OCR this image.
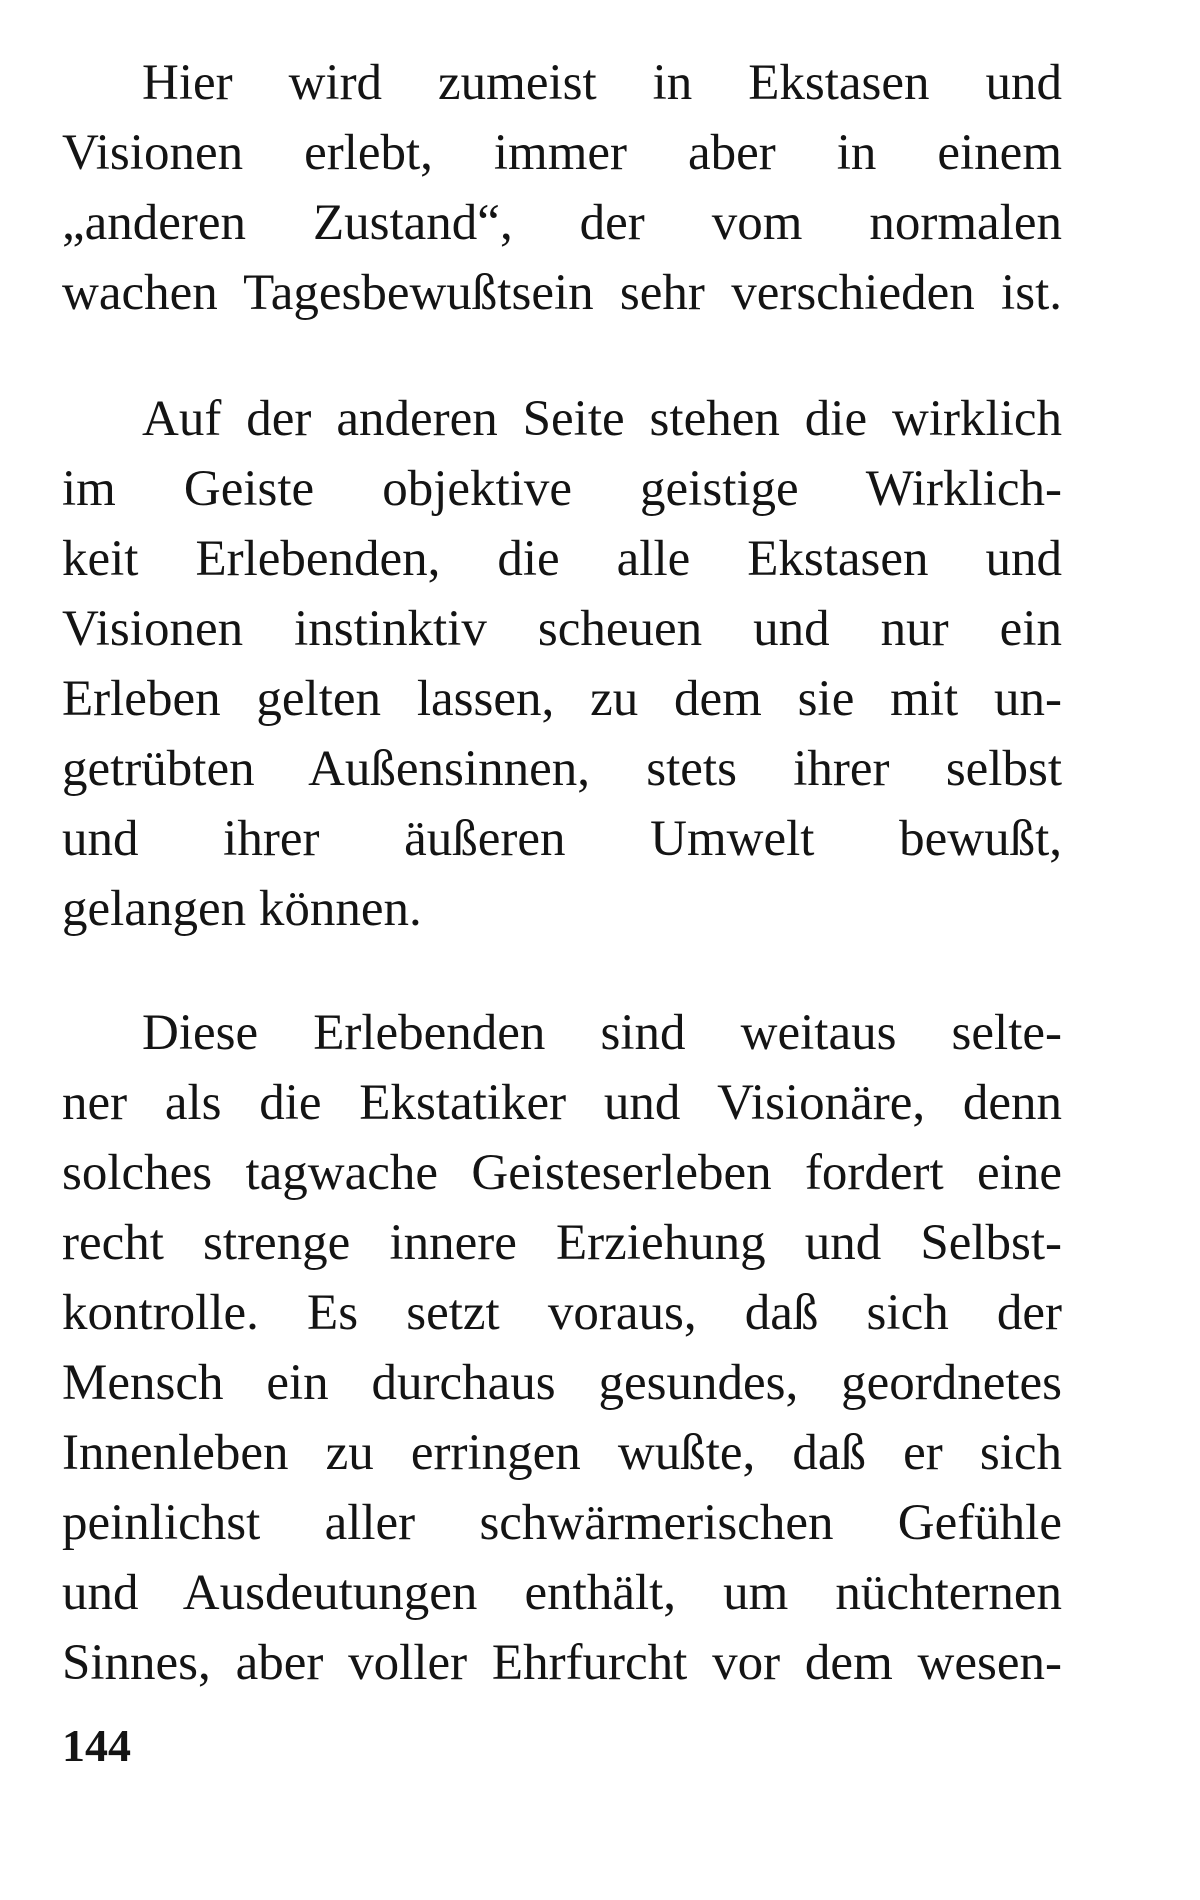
Hier wird zumeist in Ekstasen und
Visionen erlebt, immer aber in einem
„anderen Zustand“, der vom normalen
wachen Tagesbewußtsein sehr verschieden ist.
Auf der anderen Seite stehen die wirklich
im Geiste objektive geistige Wirklich-
keit Erlebenden, die alle Ekstasen und
Visionen instinktiv scheuen und nur ein
Erleben gelten lassen, zu dem sie mit un-
getrübten Außensinnen, stets ihrer selbst
und ihrer äußeren Umwelt bewußt,
gelangen können.
Diese Erlebenden sind weitaus selte-
ner als die Ekstatiker und Visionäre, denn
solches tagwache Geisteserleben fordert eine
recht strenge innere Erziehung und Selbst-
kontrolle. Es setzt voraus, daß sich der
Mensch ein durchaus gesundes, geordnetes
Innenleben zu erringen wußte, daß er sich
peinlichst aller schwärmerischen Gefühle
und Ausdeutungen enthält, um nüchternen
Sinnes, aber voller Ehrfurcht vor dem wesen-
144
